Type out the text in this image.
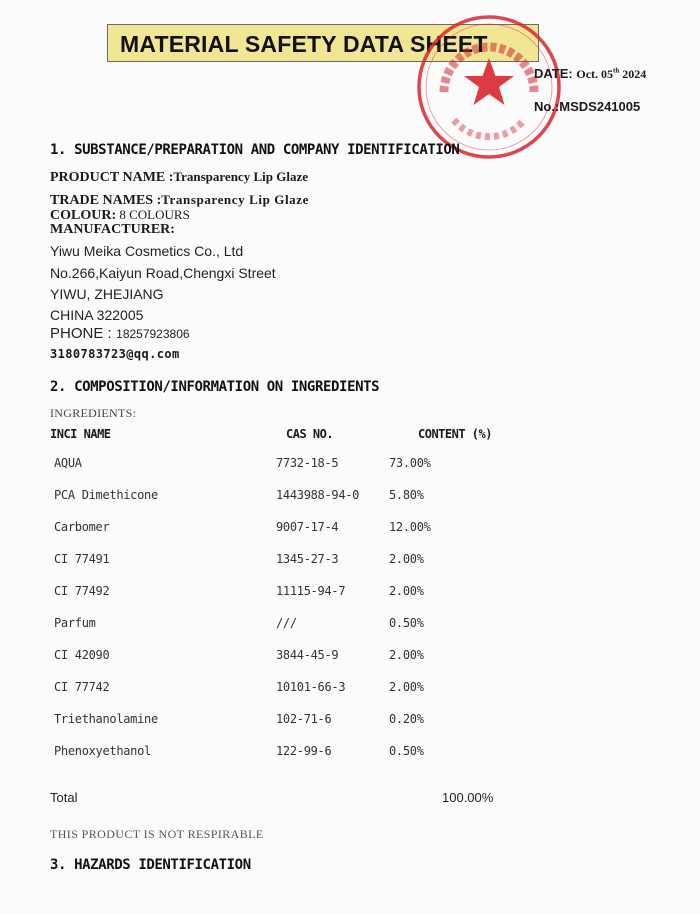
MATERIAL SAFETY DATA SHEET
DATE: Oct. 05th 2024
No.:MSDS241005
1. SUBSTANCE/PREPARATION AND COMPANY IDENTIFICATION
PRODUCT NAME :Transparency Lip Glaze
TRADE NAMES :Transparency Lip Glaze
COLOUR: 8 COLOURS
MANUFACTURER:
Yiwu Meika Cosmetics Co., Ltd
No.266,Kaiyun Road,Chengxi Street
YIWU, ZHEJIANG
CHINA 322005
PHONE : 18257923806
3180783723@qq.com
2. COMPOSITION/INFORMATION ON INGREDIENTS
INGREDIENTS:
INCI NAME	CAS NO.	CONTENT (%)
AQUA	7732-18-5	73.00%
PCA Dimethicone	1443988-94-0 5.80%
Carbomer	9007-17-4	12.00%
CI 77491	1345-27-3	2.00%
CI 77492	11115-94-7	2.00%
Parfum	///	0.50%
CI 42090	3844-45-9	2.00%
CI 77742	10101-66-3	2.00%
Triethanolamine	102-71-6	0.20%
Phenoxyethanol	122-99-6	0.50%
Total	100.00%
THIS PRODUCT IS NOT RESPIRABLE
3. HAZARDS IDENTIFICATION
